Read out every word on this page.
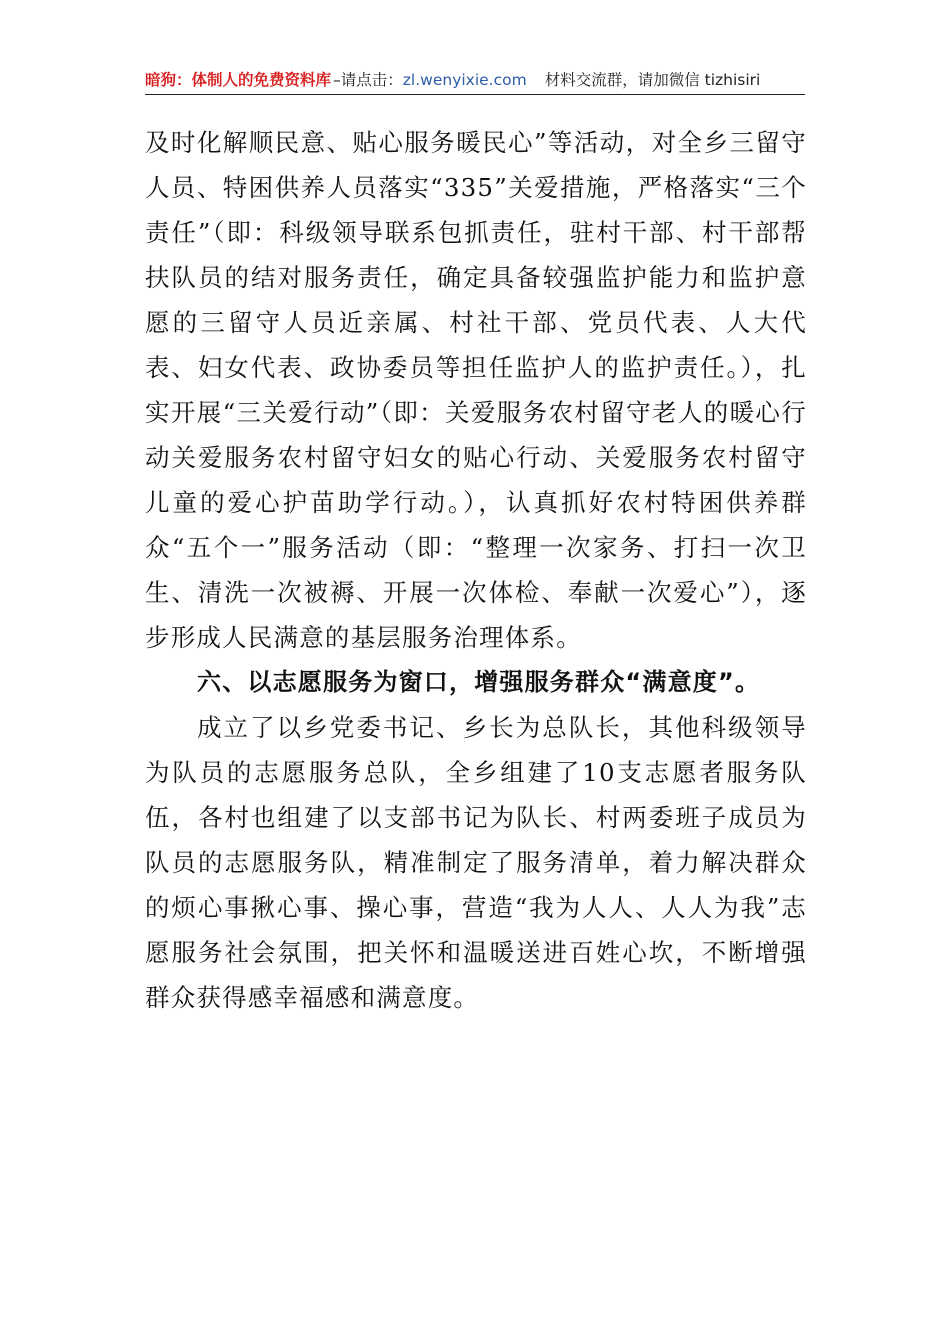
暗狗：体制人的免费资料库 –请点击： zl.wenyixie.com 材料交流群，请加微信 tizhisiri

及时化解顺民意、贴心服务暖民心”等活动，对全乡三留守人员、特困供养人员落实“335”关爱措施，严格落实“三个责任”（即：科级领导联系包抓责任，驻村干部、村干部帮扶队员的结对服务责任，确定具备较强监护能力和监护意愿的三留守人员近亲属、村社干部、党员代表、人大代表、妇女代表、政协委员等担任监护人的监护责任。），扎实开展“三关爱行动”（即：关爱服务农村留守老人的暖心行动关爱服务农村留守妇女的贴心行动、关爱服务农村留守儿童的爱心护苗助学行动。），认真抓好农村特困供养群众“五个一”服务活动（即：“整理一次家务、打扫一次卫生、清洗一次被褥、开展一次体检、奉献一次爱心”），逐步形成人民满意的基层服务治理体系。

六、以志愿服务为窗口，增强服务群众“满意度”。

成立了以乡党委书记、乡长为总队长，其他科级领导为队员的志愿服务总队，全乡组建了10支志愿者服务队伍，各村也组建了以支部书记为队长、村两委班子成员为队员的志愿服务队，精准制定了服务清单，着力解决群众的烦心事揪心事、操心事，营造“我为人人、人人为我”志愿服务社会氛围，把关怀和温暖送进百姓心坎，不断增强群众获得感幸福感和满意度。
